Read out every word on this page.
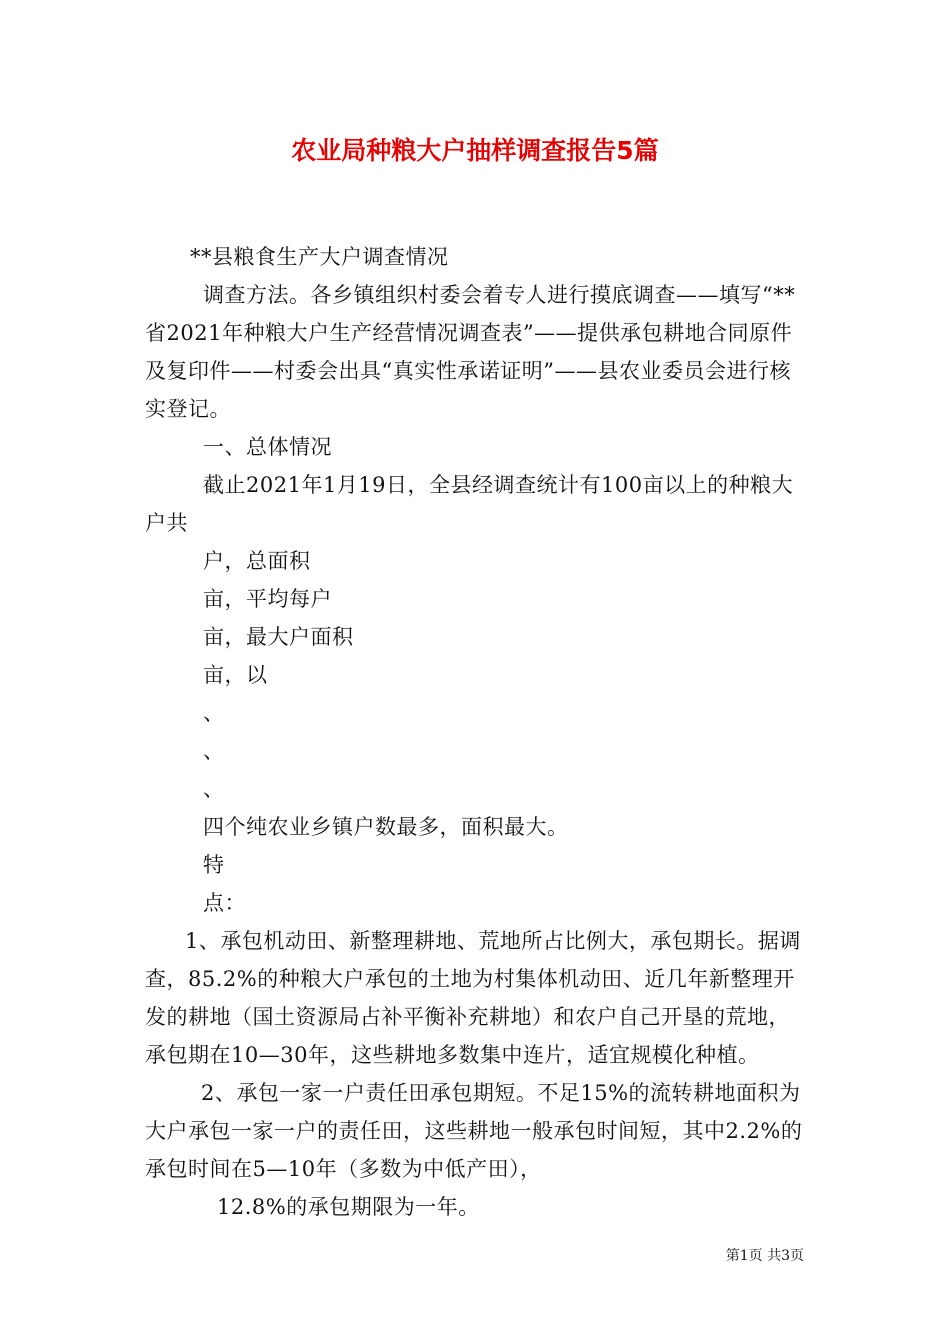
农业局种粮大户抽样调查报告5篇

**县粮食生产大户调查情况

调查方法。各乡镇组织村委会着专人进行摸底调查——填写“**省2021年种粮大户生产经营情况调查表”——提供承包耕地合同原件及复印件——村委会出具“真实性承诺证明”——县农业委员会进行核实登记。

一、总体情况

截止2021年1月19日，全县经调查统计有100亩以上的种粮大户共

户，总面积

亩，平均每户

亩，最大户面积

亩，以

、

、

、

四个纯农业乡镇户数最多，面积最大。

特

点：

1、承包机动田、新整理耕地、荒地所占比例大，承包期长。据调查，85.2%的种粮大户承包的土地为村集体机动田、近几年新整理开发的耕地（国土资源局占补平衡补充耕地）和农户自己开垦的荒地，承包期在10—30年，这些耕地多数集中连片，适宜规模化种植。

2、承包一家一户责任田承包期短。不足15%的流转耕地面积为大户承包一家一户的责任田，这些耕地一般承包时间短，其中2.2%的承包时间在5—10年（多数为中低产田），

12.8%的承包期限为一年。

第1页 共3页
